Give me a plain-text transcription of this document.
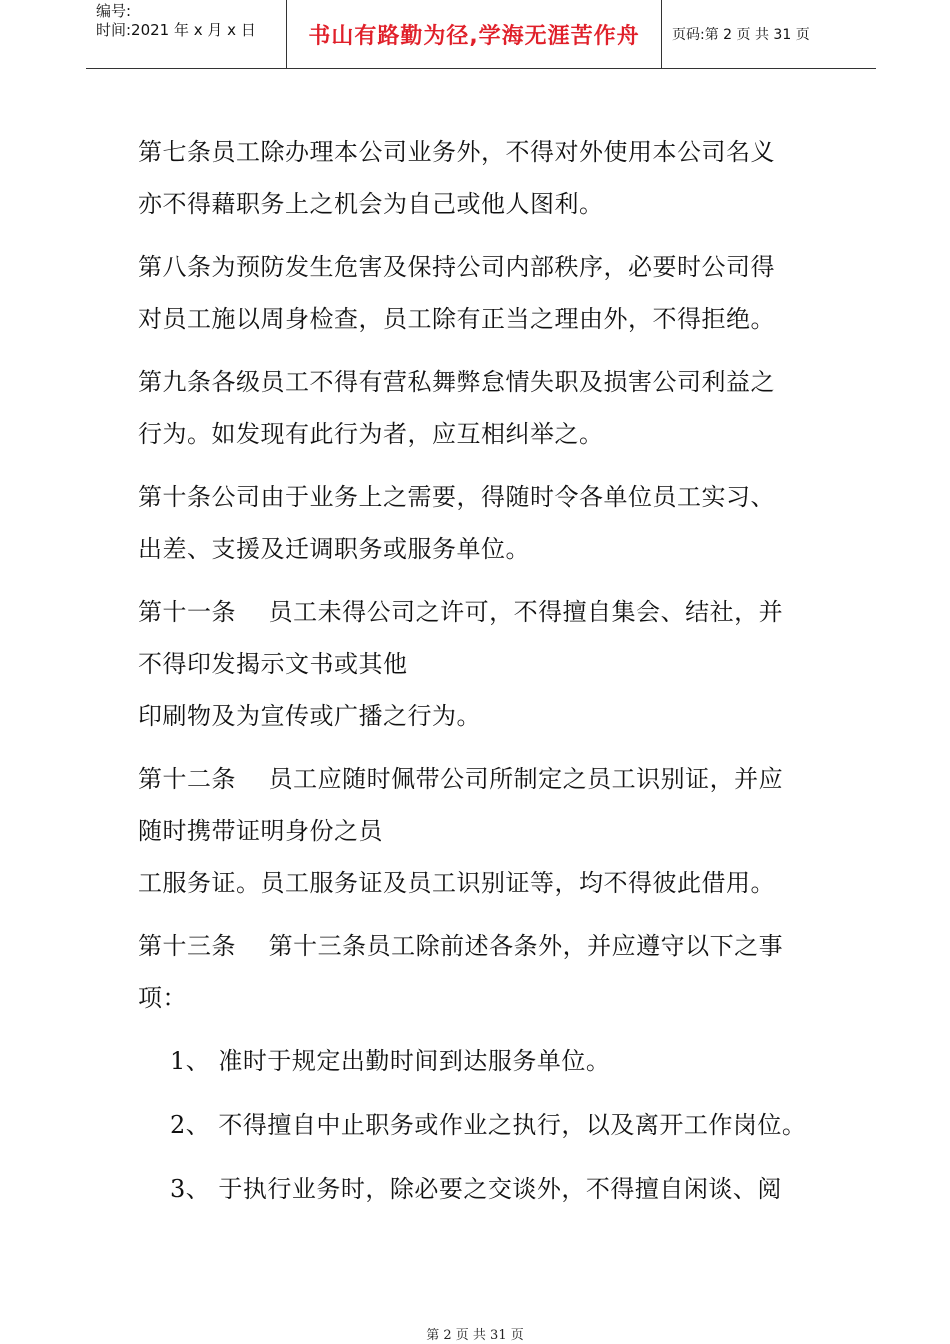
编号:
时间:2021 年 x 月 x 日	书山有路勤为径,学海无涯苦作舟	页码:第 2 页 共 31 页
第七条员工除办理本公司业务外，不得对外使用本公司名义
亦不得藉职务上之机会为自己或他人图利。
第八条为预防发生危害及保持公司内部秩序，必要时公司得
对员工施以周身检查，员工除有正当之理由外，不得拒绝。
第九条各级员工不得有营私舞弊怠情失职及损害公司利益之
行为。如发现有此行为者，应互相纠举之。
第十条公司由于业务上之需要，得随时令各单位员工实习、
出差、支援及迁调职务或服务单位。
第十一条　 员工未得公司之许可，不得擅自集会、结社，并
不得印发揭示文书或其他
印刷物及为宣传或广播之行为。
第十二条　 员工应随时佩带公司所制定之员工识别证，并应
随时携带证明身份之员
工服务证。员工服务证及员工识别证等，均不得彼此借用。
第十三条　 第十三条员工除前述各条外，并应遵守以下之事
项：
1、 准时于规定出勤时间到达服务单位。
2、 不得擅自中止职务或作业之执行，以及离开工作岗位。
3、 于执行业务时，除必要之交谈外，不得擅自闲谈、阅
第 2 页 共 31 页
